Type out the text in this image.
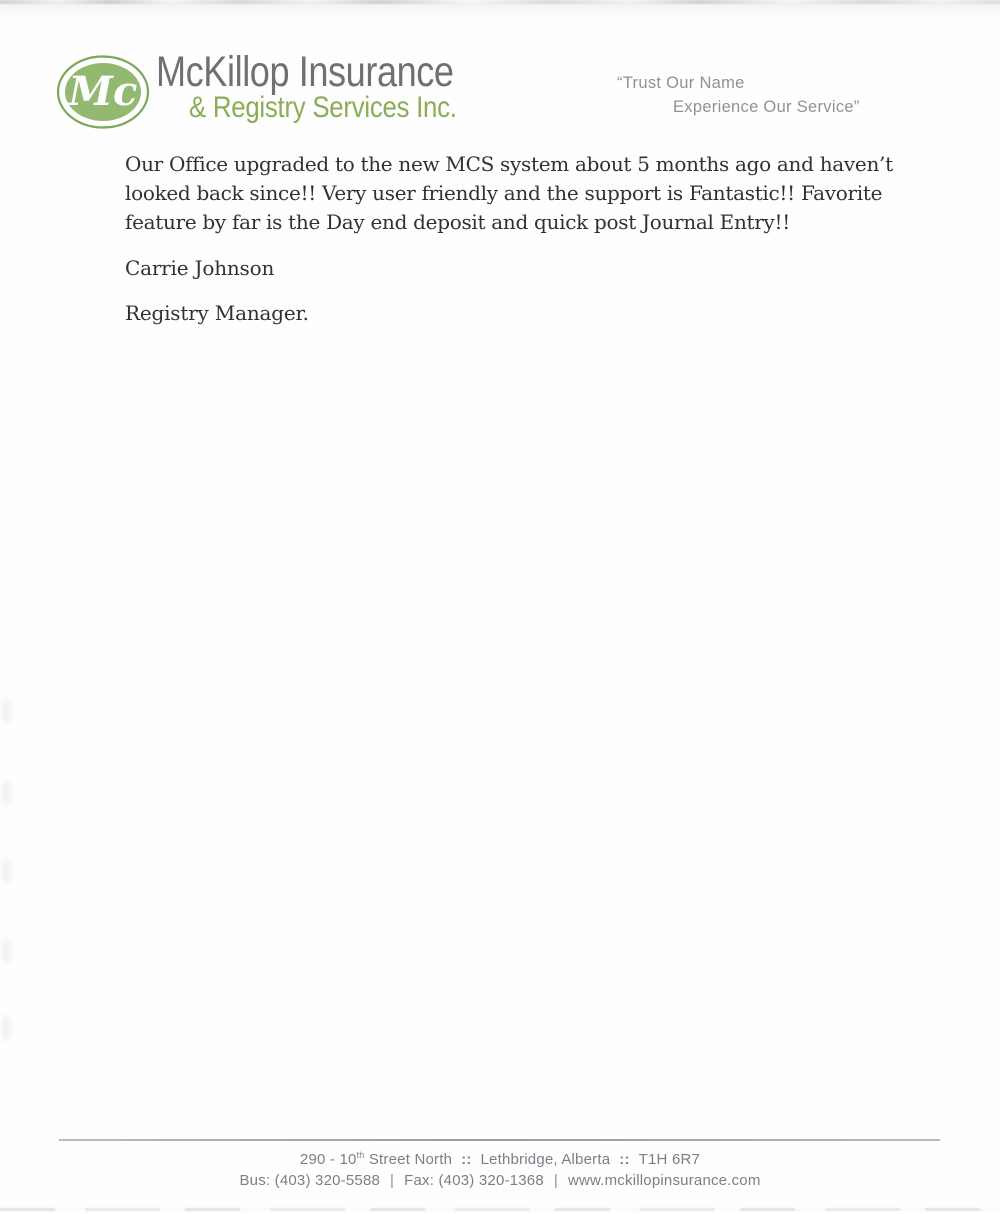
Mc McKillop Insurance
& Registry Services Inc.
“Trust Our Name
Experience Our Service”
Our Office upgraded to the new MCS system about 5 months ago and haven’t
looked back since!! Very user friendly and the support is Fantastic!! Favorite
feature by far is the Day end deposit and quick post Journal Entry!!
Carrie Johnson
Registry Manager.
290 - 10th Street North :: Lethbridge, Alberta :: T1H 6R7
Bus: (403) 320-5588 | Fax: (403) 320-1368 | www.mckillopinsurance.com
